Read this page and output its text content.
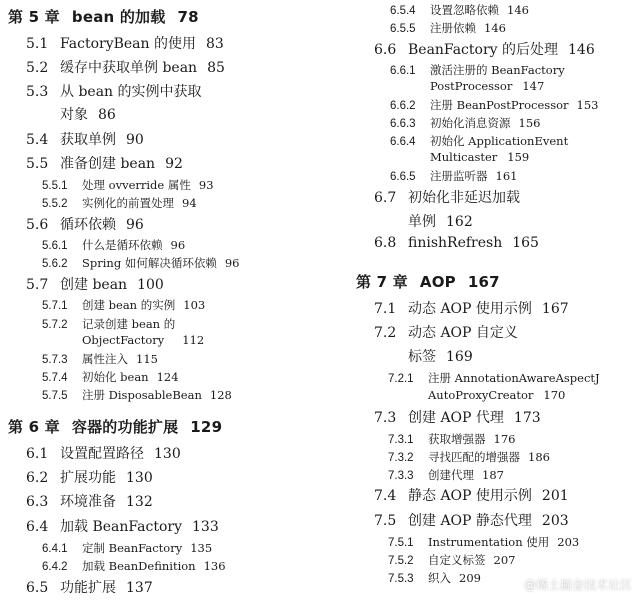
第 5 章 bean 的加载 78
5.1 FactoryBean 的使用 83
5.2 缓存中获取单例 bean 85
5.3 从 bean 的实例中获取
对象 86
5.4 获取单例 90
5.5 准备创建 bean 92
5.5.1 处理 ovverride 属性 93
5.5.2 实例化的前置处理 94
5.6 循环依赖 96
5.6.1 什么是循环依赖 96
5.6.2 Spring 如何解决循环依赖 96
5.7 创建 bean 100
5.7.1 创建 bean 的实例 103
5.7.2 记录创建 bean 的
ObjectFactory 112
5.7.3 属性注入 115
5.7.4 初始化 bean 124
5.7.5 注册 DisposableBean 128
第 6 章 容器的功能扩展 129
6.1 设置配置路径 130
6.2 扩展功能 130
6.3 环境准备 132
6.4 加载 BeanFactory 133
6.4.1 定制 BeanFactory 135
6.4.2 加载 BeanDefinition 136
6.5 功能扩展 137
6.5.4 设置忽略依赖 146
6.5.5 注册依赖 146
6.6 BeanFactory 的后处理 146
6.6.1 激活注册的 BeanFactory
PostProcessor 147
6.6.2 注册 BeanPostProcessor 153
6.6.3 初始化消息资源 156
6.6.4 初始化 ApplicationEvent
Multicaster 159
6.6.5 注册监听器 161
6.7 初始化非延迟加载
单例 162
6.8 finishRefresh 165
第 7 章 AOP 167
7.1 动态 AOP 使用示例 167
7.2 动态 AOP 自定义
标签 169
7.2.1 注册 AnnotationAwareAspectJ
AutoProxyCreator 170
7.3 创建 AOP 代理 173
7.3.1 获取增强器 176
7.3.2 寻找匹配的增强器 186
7.3.3 创建代理 187
7.4 静态 AOP 使用示例 201
7.5 创建 AOP 静态代理 203
7.5.1 Instrumentation 使用 203
7.5.2 自定义标签 207
7.5.3 织入 209	@稀土掘金技术社区
